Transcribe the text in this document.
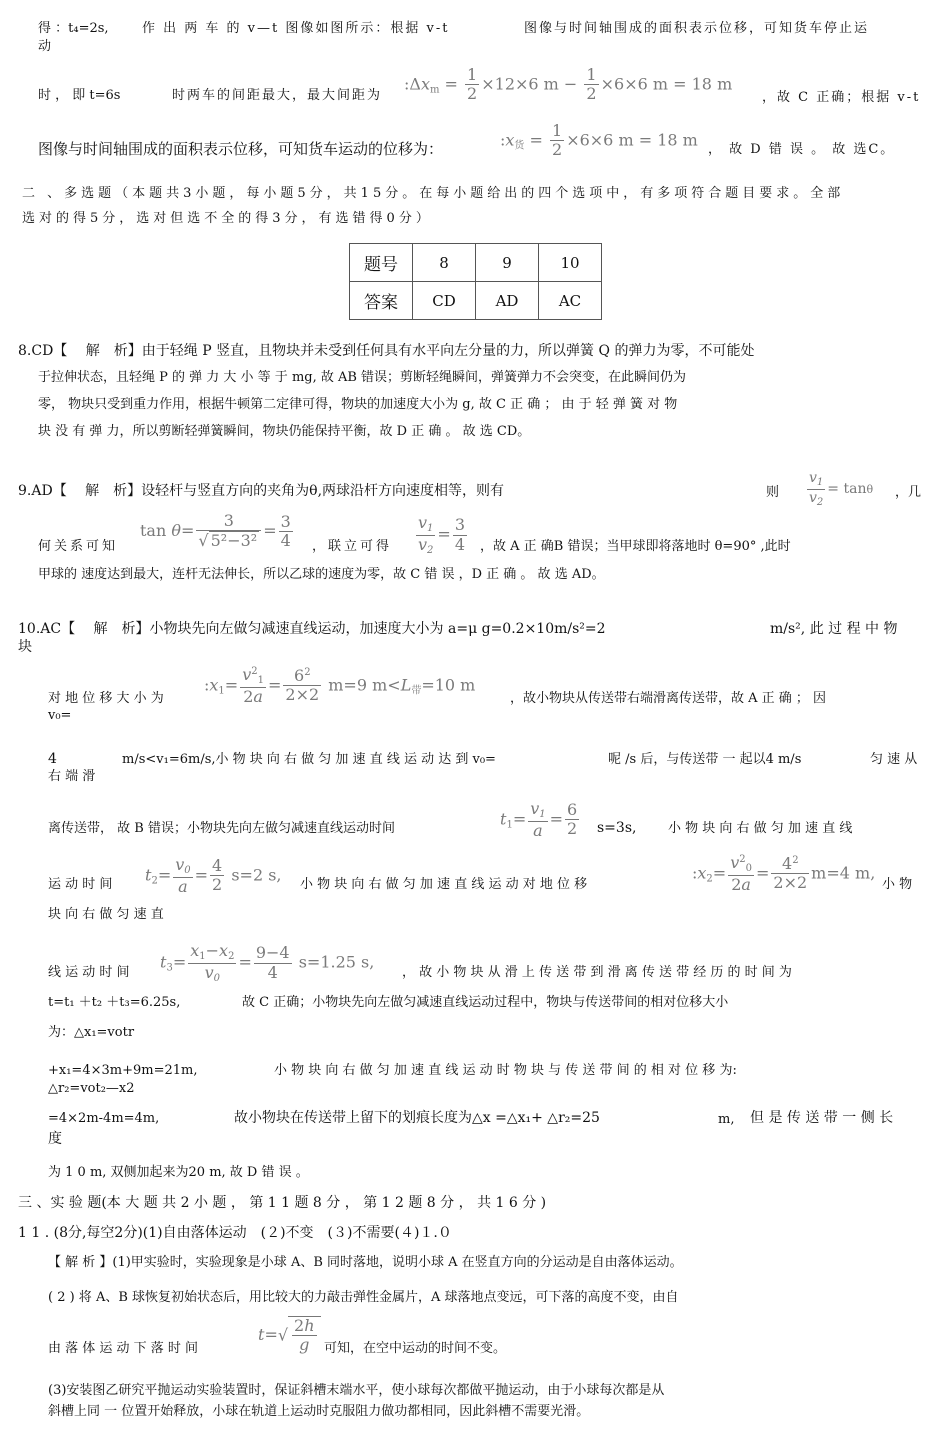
得 ：t₄=2s,	作 出 两 车 的 v—t 图像如图所示：根据 v-t	图像与时间轴围成的面积表示位移，可知货车停止运
动
时 ， 即 t=6s	时两车的间距最大，最大间距为
$:\Delta x_m = \frac{1}{2} \times 12\times 6$ $m - \frac{1}{2} \times 6\times 6$ m = 18 m
，故 C 正确；根据 v-t
图像与时间轴围成的面积表示位移，可知货车运动的位移为：	$:x_货 = \frac{1}{2} \times 6\times 6$ m = 18 m
， 故 D 错 误 。 故 选C。
二 、多选题（本题共3小题，每小题5分，共15分。在每小题给出的四个选项中，有多项符合题目要求。全部
选对的得5分，选对但选不全的得3分，有选错得0分）
题号	8	9	10
答案	CD	AD	AC
8.CD【　 解　析】由于轻绳 P 竖直，且物块并未受到任何具有水平向左分量的力，所以弹簧 Q 的弹力为零，不可能处
于拉伸状态，且轻绳 P 的 弹 力 大 小 等 于 mg, 故 AB 错误；剪断轻绳瞬间，弹簧弹力不会突变，在此瞬间仍为
零， 物块只受到重力作用，根据牛顿第二定律可得，物块的加速度大小为 g, 故 C 正 确 ； 由 于 轻 弹 簧 对 物
块 没 有 弹 力，所以剪断轻弹簧瞬间，物块仍能保持平衡，故 D 正 确 。 故 选 CD。
9.AD【　 解　析】设轻杆与竖直方向的夹角为θ,两球沿杆方向速度相等，则有	则 $\frac{v_1}{v_2} = \tan\theta$ ，几
何关系可知
$\tan \theta= \frac{3}{\text{√ 5²−3²}} = \frac{3}{4}$ ，联立可得 $\frac{v_1}{v_2} = \frac{3}{4}$ ，故 A 正 确B 错误；当甲球即将落地时 θ=90° ,此时
甲球的 速度达到最大，连杆无法伸长，所以乙球的速度为零，故 C 错 误 ，D 正 确 。 故 选 AD。
10.AC【　 解　析】小物块先向左做匀减速直线运动，加速度大小为 a=μ g=0.2×10m/s²=2	m/s², 此 过 程 中 物
块
对 地 位 移 大 小 为
$:x_1= \frac{v^2_1}{2a} = \frac{6^2}{2\times 2} m=9$ $m<L_带=10$ m
，故小物块从传送带右端滑离传送带，故 A 正 确 ； 因
v₀=
4	m/s<v₁=6m/s,小 物 块 向 右 做 匀 加 速 直 线 运 动 达 到 v₀=	呢 /s 后，与传送带 一 起以4 m/s	匀 速 从
右 端 滑
离传送带， 故 B 错误；小物块先向左做匀减速直线运动时间
$t_1= \frac{v_1}{a} = \frac{6}{2} s=3s$, 小 物 块 向 右 做 匀 加 速 直 线
运 动 时 间
$t_2= \frac{v_0}{a} = \frac{4}{2} s=2$ s,
小 物 块 向 右 做 匀 加 速 直 线 运 动 对 地 位 移
$:x_2= \frac{v^2_0}{2a} = \frac{4^2}{2\times 2} m=4$ m,
小 物
块 向 右 做 匀 速 直
线 运 动 时 间
$t_3= \frac{x_1-x_2}{v_0} = \frac{9-4}{4} s=1.25$ s,
， 故 小 物 块 从 滑 上 传 送 带 到 滑 离 传 送 带 经 历 的 时 间 为
t=t₁ ＋t₂ ＋t₃=6.25s,	故 C 正确；小物块先向左做匀减速直线运动过程中，物块与传送带间的相对位移大小
为：△x₁=votr
+x₁=4×3m+9m=21m,	小 物 块 向 右 做 匀 加 速 直 线 运 动 时 物 块 与 传 送 带 间 的 相 对 位 移 为:
△r₂=vot₂—x2
=4×2m-4m=4m,	故小物块在传送带上留下的划痕长度为△x =△x₁+ △r₂=25	m, 但 是 传 送 带 一 侧 长
度
为 1 0 m, 双侧加起来为20 m, 故 D 错 误 。
三 、实 验 题(本 大 题 共 2 小 题 ， 第 1 1 题 8 分 ， 第 1 2 题 8 分 ， 共 1 6 分 )
1 1 . (8分,每空2分)(1)自由落体运动　(２)不变　(３)不需要(４)１.０
【 解 析 】(1)甲实验时，实验现象是小球 A、B 同时落地，说明小球 A 在竖直方向的分运动是自由落体运动。
( 2 ) 将 A、B 球恢复初始状态后，用比较大的力敲击弹性金属片，A 球落地点变远，可下落的高度不变，由自
由 落 体 运 动 下 落 时 间
$t=√ \frac{2h}{g}$ 可知，在空中运动的时间不变。
(3)安装图乙研究平抛运动实验装置时，保证斜槽末端水平，使小球每次都做平抛运动，由于小球每次都是从
斜槽上同 一 位置开始释放，小球在轨道上运动时克服阻力做功都相同，因此斜槽不需要光滑。
